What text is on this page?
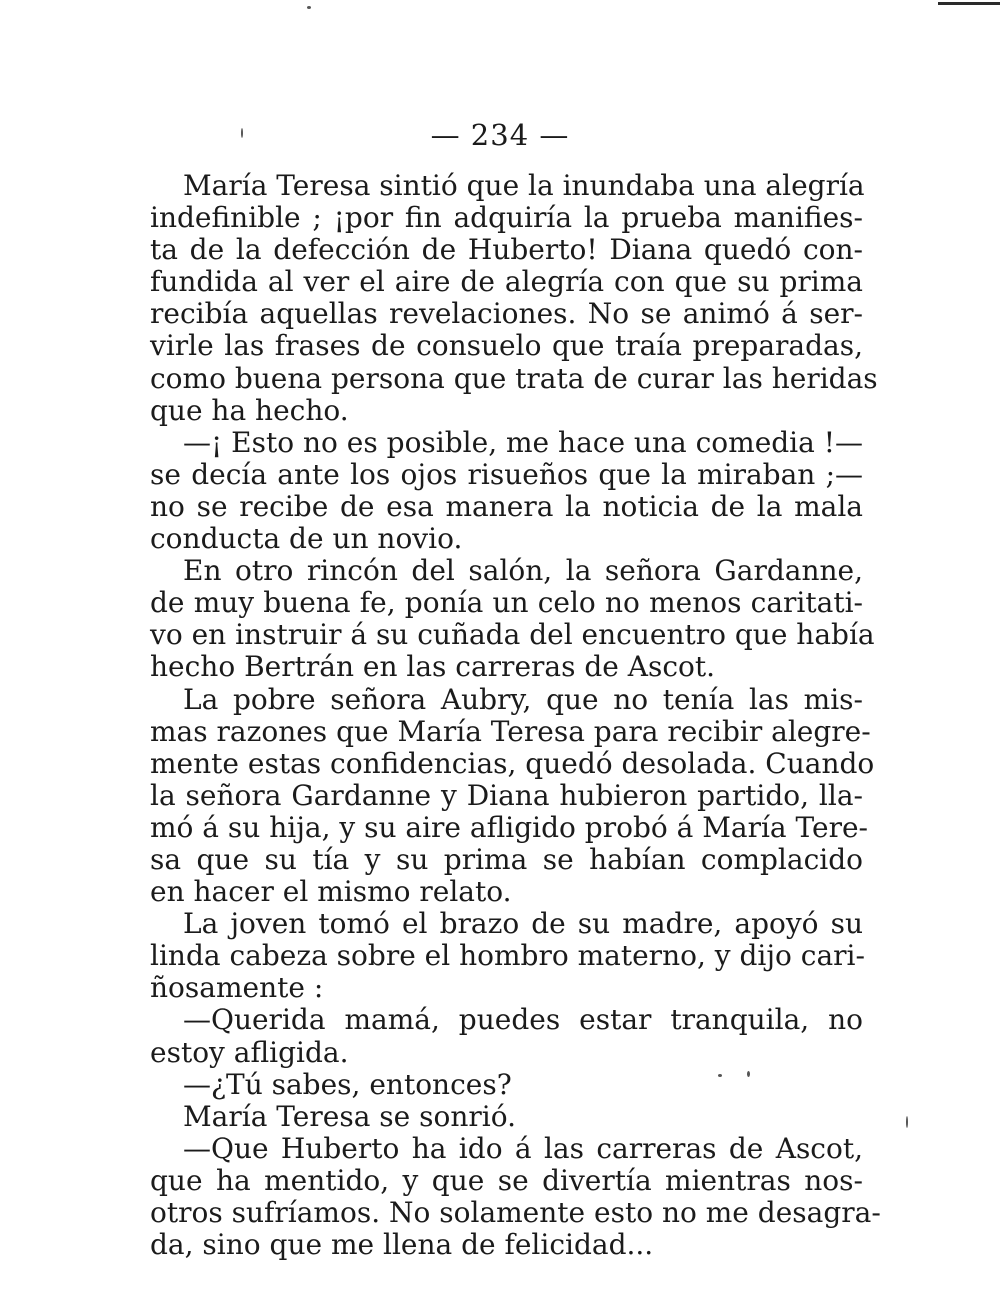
— 234 —
María Teresa sintió que la inundaba una alegría
indefinible ; ¡por fin adquiría la prueba manifies-
ta de la defección de Huberto! Diana quedó con-
fundida al ver el aire de alegría con que su prima
recibía aquellas revelaciones. No se animó á ser-
virle las frases de consuelo que traía preparadas,
como buena persona que trata de curar las heridas
que ha hecho.
—¡ Esto no es posible, me hace una comedia !—
se decía ante los ojos risueños que la miraban ;—
no se recibe de esa manera la noticia de la mala
conducta de un novio.
En otro rincón del salón, la señora Gardanne,
de muy buena fe, ponía un celo no menos caritati-
vo en instruir á su cuñada del encuentro que había
hecho Bertrán en las carreras de Ascot.
La pobre señora Aubry, que no tenía las mis-
mas razones que María Teresa para recibir alegre-
mente estas confidencias, quedó desolada. Cuando
la señora Gardanne y Diana hubieron partido, lla-
mó á su hija, y su aire afligido probó á María Tere-
sa que su tía y su prima se habían complacido
en hacer el mismo relato.
La joven tomó el brazo de su madre, apoyó su
linda cabeza sobre el hombro materno, y dijo cari-
ñosamente :
—Querida mamá, puedes estar tranquila, no
estoy afligida.
—¿Tú sabes, entonces?
María Teresa se sonrió.
—Que Huberto ha ido á las carreras de Ascot,
que ha mentido, y que se divertía mientras nos-
otros sufríamos. No solamente esto no me desagra-
da, sino que me llena de felicidad...
